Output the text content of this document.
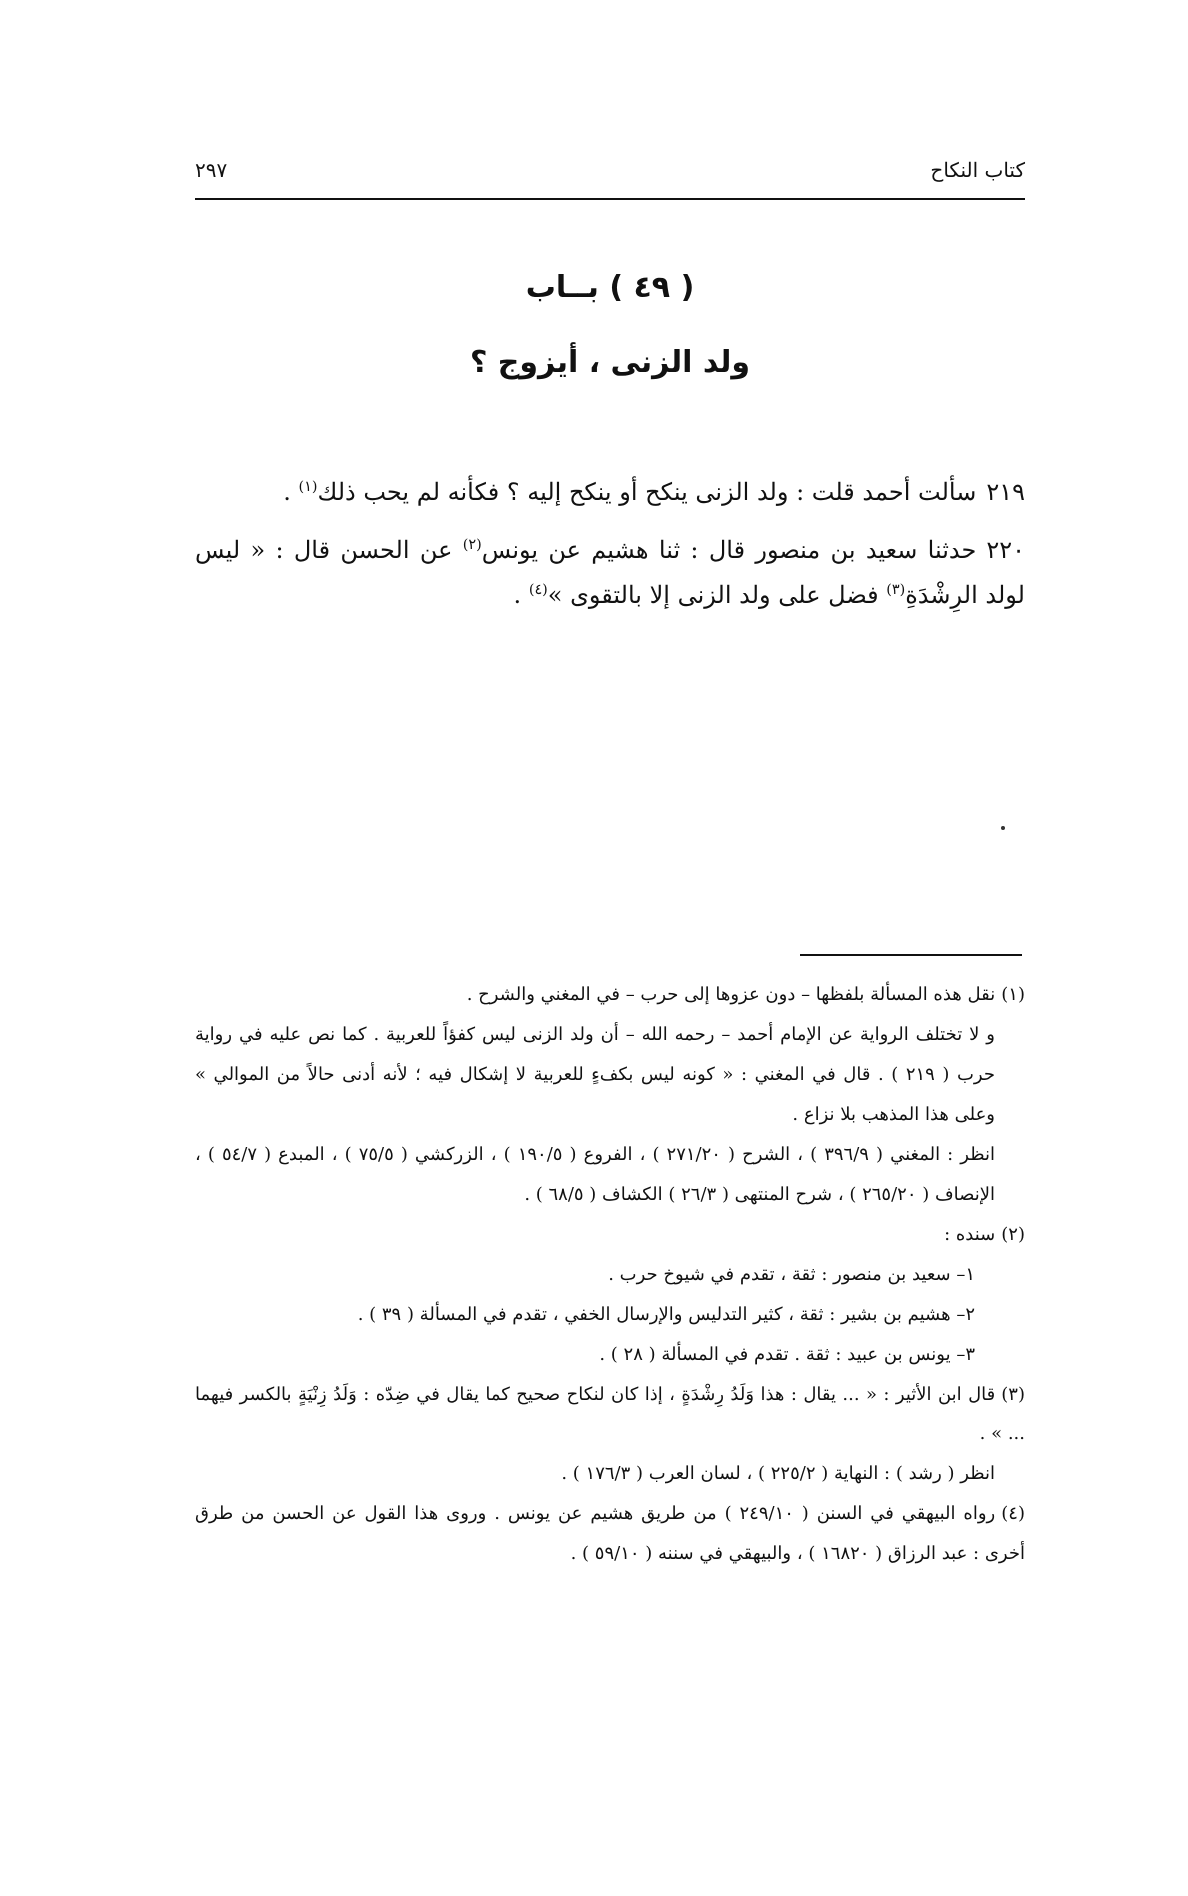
كتاب النكاح
٢٩٧
( ٤٩ ) بــاب
ولد الزنى ، أيزوج ؟

٢١٩سألت أحمد قلت : ولد الزنى ينكح أو ينكح إليه ؟ فكأنه لم يحب ذلك$^{(١)}$ .

٢٢٠حدثنا سعيد بن منصور قال : ثنا هشيم عن يونس$^{(٢)}$ عن الحسن قال : « ليس لولد الرِشْدَةِ$^{(٣)}$ فضل على ولد الزنى إلا بالتقوى »$^{(٤)}$ .

(١)نقل هذه المسألة بلفظها – دون عزوها إلى حرب – في المغني والشرح .

و لا تختلف الرواية عن الإمام أحمد – رحمه الله – أن ولد الزنى ليس كفؤاً للعربية . كما نص عليه في رواية حرب ( ٢١٩ ) . قال في المغني : « كونه ليس بكفءٍ للعربية لا إشكال فيه ؛ لأنه أدنى حالاً من الموالي » وعلى هذا المذهب بلا نزاع .

انظر : المغني ( ٣٩٦/٩ ) ، الشرح ( ٢٧١/٢٠ ) ، الفروع ( ١٩٠/٥ ) ، الزركشي ( ٧٥/٥ ) ، المبدع ( ٥٤/٧ ) ، الإنصاف ( ٢٦٥/٢٠ ) ، شرح المنتهى ( ٢٦/٣ ) الكشاف ( ٦٨/٥ ) .

(٢)سنده :

١– سعيد بن منصور : ثقة ، تقدم في شيوخ حرب .

٢– هشيم بن بشير : ثقة ، كثير التدليس والإرسال الخفي ، تقدم في المسألة ( ٣٩ ) .

٣– يونس بن عبيد : ثقة . تقدم في المسألة ( ٢٨ ) .

(٣)قال ابن الأثير : « ... يقال : هذا وَلَدُ رِشْدَةٍ ، إذا كان لنكاح صحيح كما يقال في ضِدّه : وَلَدُ زِنْيَةٍ بالكسر فيهما ... » .

انظر ( رشد ) : النهاية ( ٢٢٥/٢ ) ، لسان العرب ( ١٧٦/٣ ) .

(٤)رواه البيهقي في السنن ( ٢٤٩/١٠ ) من طريق هشيم عن يونس . وروى هذا القول عن الحسن من طرق أخرى : عبد الرزاق ( ١٦٨٢٠ ) ، والبيهقي في سننه ( ٥٩/١٠ ) .
